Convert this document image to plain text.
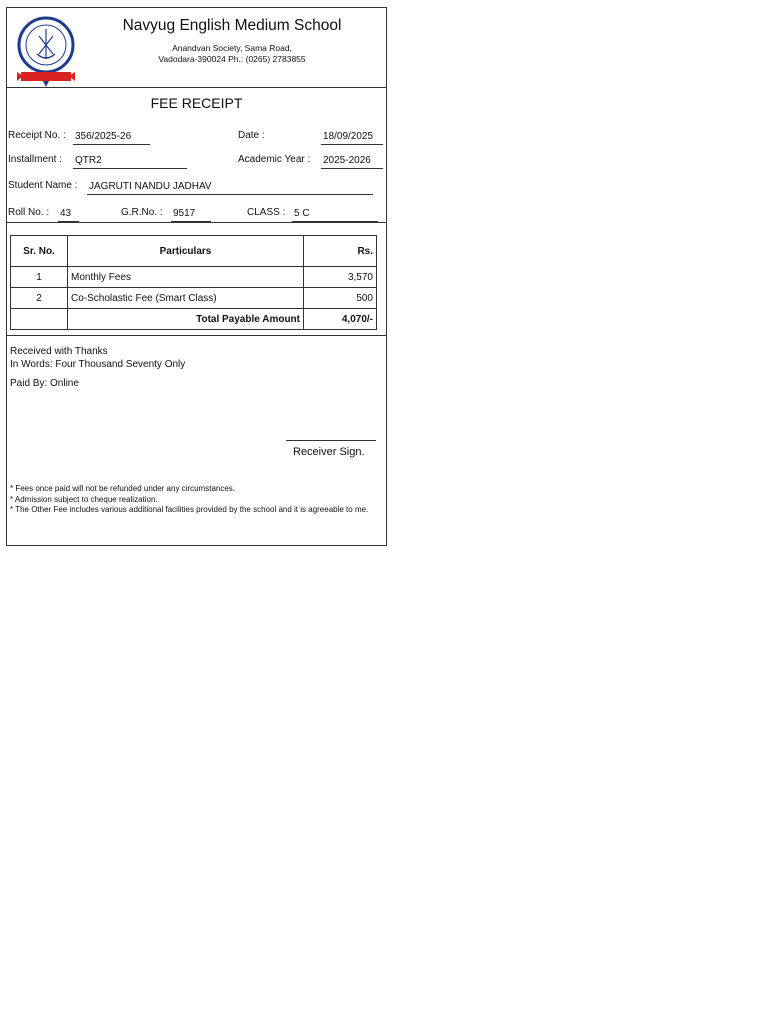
Navyug English Medium School
Anandvan Society, Sama Road,
Vadodara-390024 Ph.: (0265) 2783855
FEE RECEIPT
Receipt No. : 356/2025-26	Date :	18/09/2025
Installment : QTR2	Academic Year : 2025-2026
Student Name : JAGRUTI NANDU JADHAV
Roll No. : 43	G.R.No. : 9517	CLASS : 5 C
Sr. No.	Particulars	Rs.
1	Monthly Fees	3,570
2	Co-Scholastic Fee (Smart Class)	500
	Total Payable Amount	4,070/-
Received with Thanks
In Words: Four Thousand Seventy Only
Paid By: Online
Receiver Sign.
* Fees once paid will not be refunded under any circumstances.
* Admission subject to cheque realization.
* The Other Fee includes various additional facilities provided by the school and it is agreeable to me.
